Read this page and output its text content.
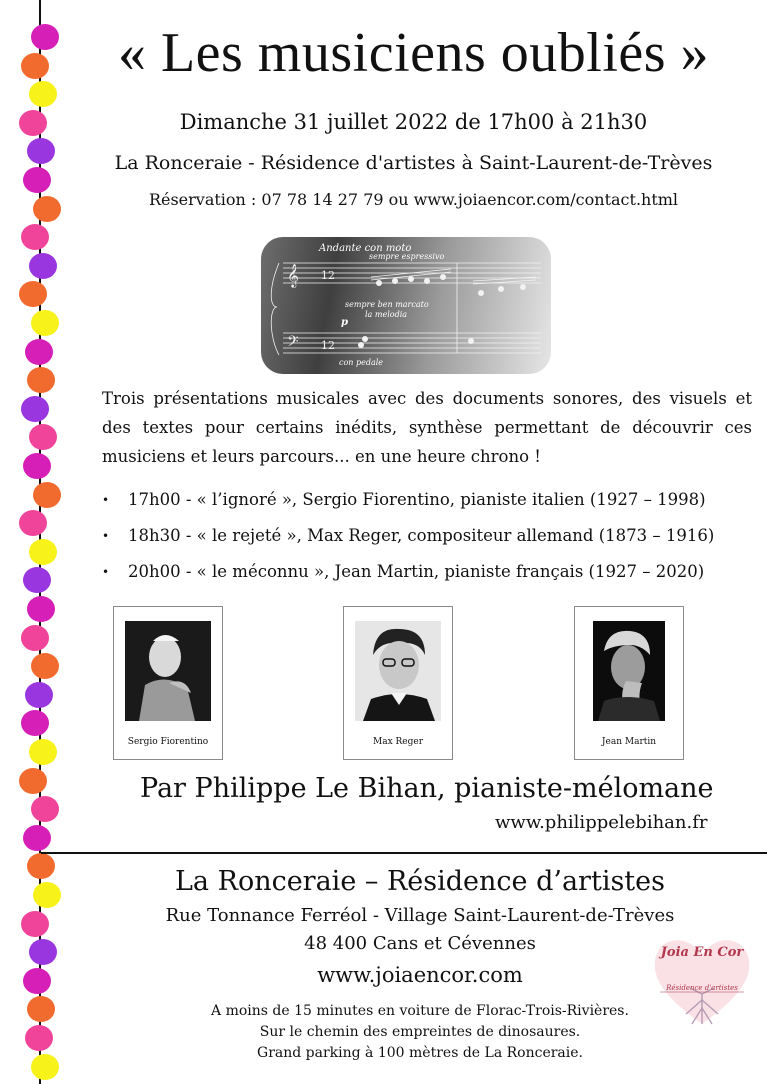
« Les musiciens oubliés »
Dimanche 31 juillet 2022 de 17h00 à 21h30
La Ronceraie - Résidence d'artistes à Saint-Laurent-de-Trèves
Réservation : 07 78 14 27 79 ou www.joiaencor.com/contact.html
𝄞
𝄢
12
12
Andante con moto
sempre espressivo
sempre ben marcato
la melodia
p
con pedale
Trois présentations musicales avec des documents sonores, des visuels et des textes pour certains inédits, synthèse permettant de découvrir ces musiciens et leurs parcours... en une heure chrono !
• 17h00 - « l’ignoré », Sergio Fiorentino, pianiste italien (1927 – 1998)
• 18h30 - « le rejeté », Max Reger, compositeur allemand (1873 – 1916)
• 20h00 - « le méconnu », Jean Martin, pianiste français (1927 – 2020)
Sergio Fiorentino	Max Reger	Jean Martin
Par Philippe Le Bihan, pianiste-mélomane
www.philippelebihan.fr
La Ronceraie – Résidence d’artistes
Rue Tonnance Ferréol - Village Saint-Laurent-de-Trèves
48 400 Cans et Cévennes
www.joiaencor.com
A moins de 15 minutes en voiture de Florac-Trois-Rivières.
Sur le chemin des empreintes de dinosaures.
Grand parking à 100 mètres de La Ronceraie.
Joia En Cor
Résidence d'artistes
